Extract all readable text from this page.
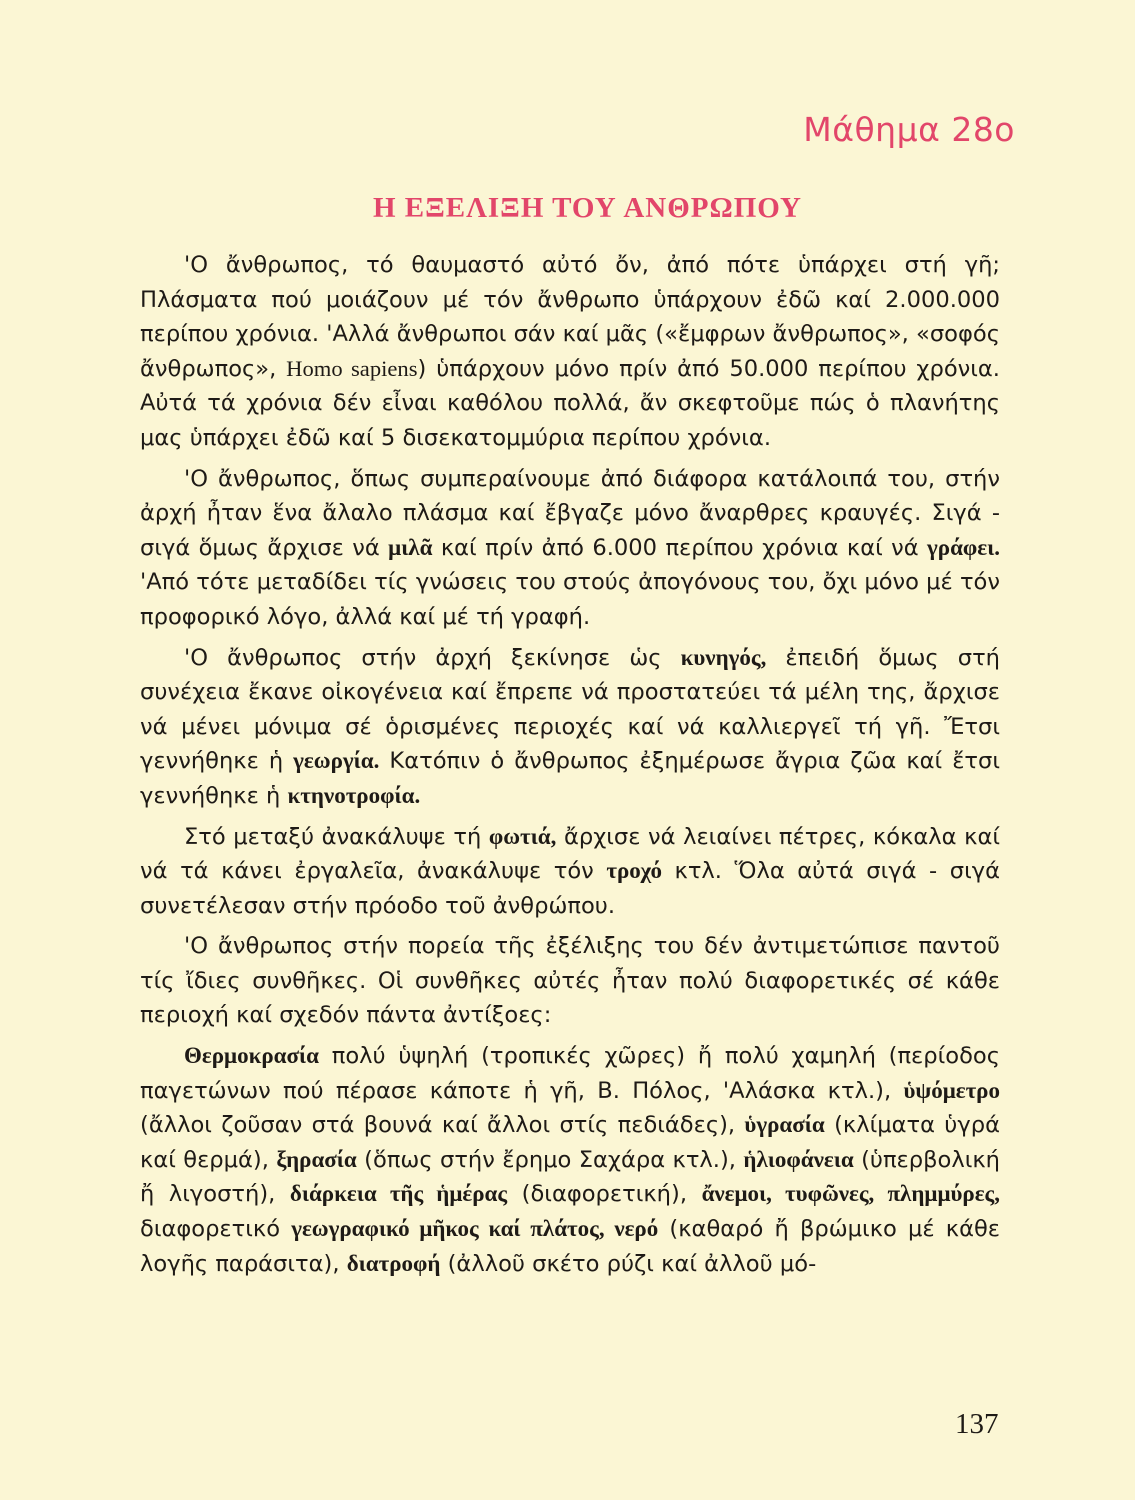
Μάθημα 28ο
Η ΕΞΕΛΙΞΗ ΤΟΥ ΑΝΘΡΩΠΟΥ

'Ο ἄνθρωπος, τό θαυμαστό αὐτό ὄν, ἀπό πότε ὑπάρχει στή γῆ; Πλάσματα πού μοιάζουν μέ τόν ἄνθρωπο ὑπάρχουν ἐδῶ καί 2.000.000 περίπου χρόνια. 'Αλλά ἄνθρωποι σάν καί μᾶς («ἔμφρων ἄνθρωπος», «σοφός ἄνθρωπος», Homo sapiens) ὑπάρχουν μόνο πρίν ἀπό 50.000 περίπου χρόνια. Αὐτά τά χρόνια δέν εἶναι καθόλου πολλά, ἄν σκεφτοῦμε πώς ὁ πλανήτης μας ὑπάρχει ἐδῶ καί 5 δισεκατομμύρια περίπου χρόνια.

'Ο ἄνθρωπος, ὅπως συμπεραίνουμε ἀπό διάφορα κατάλοιπά του, στήν ἀρχή ἦταν ἕνα ἄλαλο πλάσμα καί ἔβγαζε μόνο ἄναρθρες κραυγές. Σιγά - σιγά ὅμως ἄρχισε νά μιλᾶ καί πρίν ἀπό 6.000 περίπου χρόνια καί νά γράφει. 'Από τότε μεταδίδει τίς γνώσεις του στούς ἀπογόνους του, ὄχι μόνο μέ τόν προφορικό λόγο, ἀλλά καί μέ τή γραφή.

'Ο ἄνθρωπος στήν ἀρχή ξεκίνησε ὡς κυνηγός, ἐπειδή ὅμως στή συνέχεια ἔκανε οἰκογένεια καί ἔπρεπε νά προστατεύει τά μέλη της, ἄρχισε νά μένει μόνιμα σέ ὁρισμένες περιοχές καί νά καλλιεργεῖ τή γῆ. Ἔτσι γεννήθηκε ἡ γεωργία. Κατόπιν ὁ ἄνθρωπος ἐξημέρωσε ἄγρια ζῶα καί ἔτσι γεννήθηκε ἡ κτηνοτροφία.

Στό μεταξύ ἀνακάλυψε τή φωτιά, ἄρχισε νά λειαίνει πέτρες, κόκαλα καί νά τά κάνει ἐργαλεῖα, ἀνακάλυψε τόν τροχό κτλ. Ὅλα αὐτά σιγά - σιγά συνετέλεσαν στήν πρόοδο τοῦ ἀνθρώπου.

'Ο ἄνθρωπος στήν πορεία τῆς ἐξέλιξης του δέν ἀντιμετώπισε παντοῦ τίς ἴδιες συνθῆκες. Οἱ συνθῆκες αὐτές ἦταν πολύ διαφορετικές σέ κάθε περιοχή καί σχεδόν πάντα ἀντίξοες:

Θερμοκρασία πολύ ὑψηλή (τροπικές χῶρες) ἤ πολύ χαμηλή (περίοδος παγετώνων πού πέρασε κάποτε ἡ γῆ, Β. Πόλος, 'Αλάσκα κτλ.), ὑψόμετρο (ἄλλοι ζοῦσαν στά βουνά καί ἄλλοι στίς πεδιάδες), ὑγρασία (κλίματα ὑγρά καί θερμά), ξηρασία (ὅπως στήν ἔρημο Σαχάρα κτλ.), ἡλιοφάνεια (ὑπερβολική ἤ λιγοστή), διάρκεια τῆς ἡμέρας (διαφορετική), ἄνεμοι, τυφῶνες, πλημμύρες, διαφορετικό γεωγραφικό μῆκος καί πλάτος, νερό (καθαρό ἤ βρώμικο μέ κάθε λογῆς παράσιτα), διατροφή (ἀλλοῦ σκέτο ρύζι καί ἀλλοῦ μό-

137
